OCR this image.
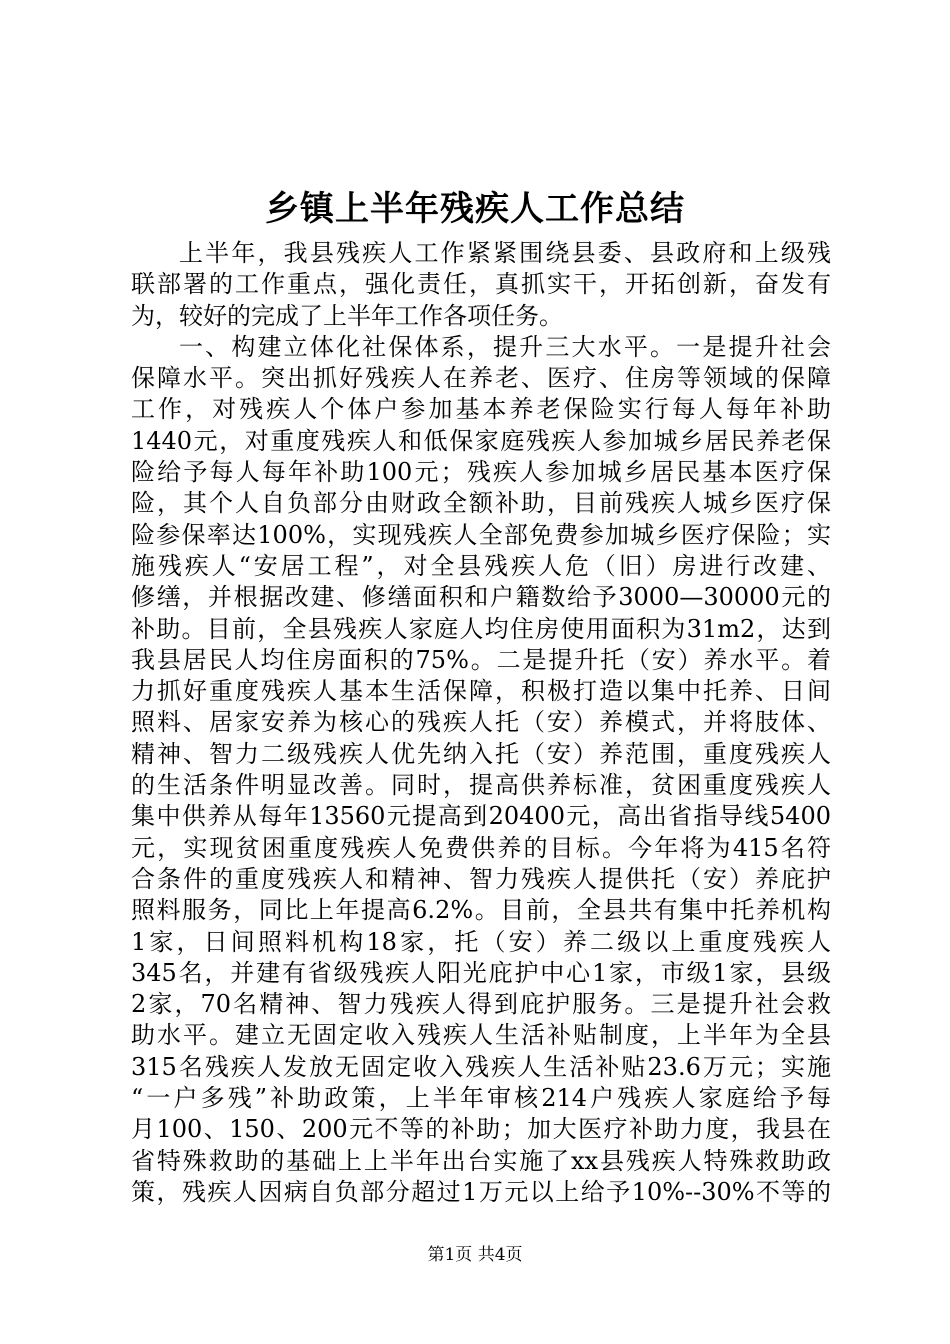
乡镇上半年残疾人工作总结
上半年，我县残疾人工作紧紧围绕县委、县政府和上级残
联部署的工作重点，强化责任，真抓实干，开拓创新，奋发有
为，较好的完成了上半年工作各项任务。
一、构建立体化社保体系，提升三大水平。一是提升社会
保障水平。突出抓好残疾人在养老、医疗、住房等领域的保障
工作，对残疾人个体户参加基本养老保险实行每人每年补助
1440元，对重度残疾人和低保家庭残疾人参加城乡居民养老保
险给予每人每年补助100元；残疾人参加城乡居民基本医疗保
险，其个人自负部分由财政全额补助，目前残疾人城乡医疗保
险参保率达100%，实现残疾人全部免费参加城乡医疗保险；实
施残疾人“安居工程”，对全县残疾人危（旧）房进行改建、
修缮，并根据改建、修缮面积和户籍数给予3000—30000元的
补助。目前，全县残疾人家庭人均住房使用面积为31m2，达到
我县居民人均住房面积的75%。二是提升托（安）养水平。着
力抓好重度残疾人基本生活保障，积极打造以集中托养、日间
照料、居家安养为核心的残疾人托（安）养模式，并将肢体、
精神、智力二级残疾人优先纳入托（安）养范围，重度残疾人
的生活条件明显改善。同时，提高供养标准，贫困重度残疾人
集中供养从每年13560元提高到20400元，高出省指导线5400
元，实现贫困重度残疾人免费供养的目标。今年将为415名符
合条件的重度残疾人和精神、智力残疾人提供托（安）养庇护
照料服务，同比上年提高6.2%。目前，全县共有集中托养机构
1家，日间照料机构18家，托（安）养二级以上重度残疾人
345名，并建有省级残疾人阳光庇护中心1家，市级1家，县级
2家，70名精神、智力残疾人得到庇护服务。三是提升社会救
助水平。建立无固定收入残疾人生活补贴制度，上半年为全县
315名残疾人发放无固定收入残疾人生活补贴23.6万元；实施
“一户多残”补助政策，上半年审核214户残疾人家庭给予每
月100、150、200元不等的补助；加大医疗补助力度，我县在
省特殊救助的基础上上半年出台实施了xx县残疾人特殊救助政
策，残疾人因病自负部分超过1万元以上给予10%--30%不等的
第1页 共4页
